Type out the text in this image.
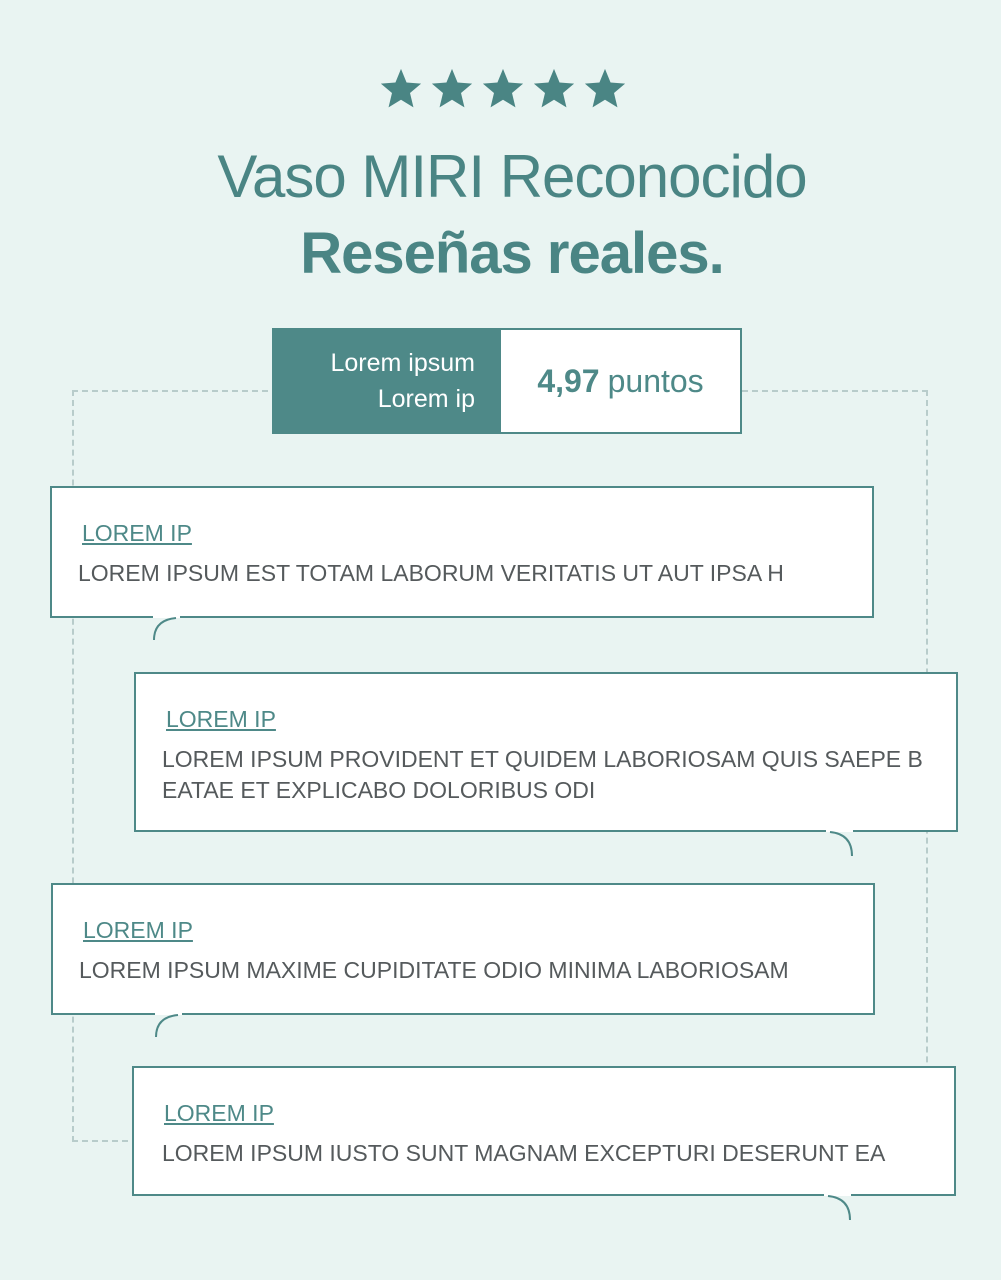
Vaso MIRI Reconocido
Reseñas reales.
Lorem ipsum
Lorem ip
4,97 puntos
LOREM IP
LOREM IPSUM EST TOTAM LABORUM VERITATIS UT AUT IPSA H
LOREM IP
LOREM IPSUM PROVIDENT ET QUIDEM LABORIOSAM QUIS SAEPE B
EATAE ET EXPLICABO DOLORIBUS ODI
LOREM IP
LOREM IPSUM MAXIME CUPIDITATE ODIO MINIMA LABORIOSAM
LOREM IP
LOREM IPSUM IUSTO SUNT MAGNAM EXCEPTURI DESERUNT EA
